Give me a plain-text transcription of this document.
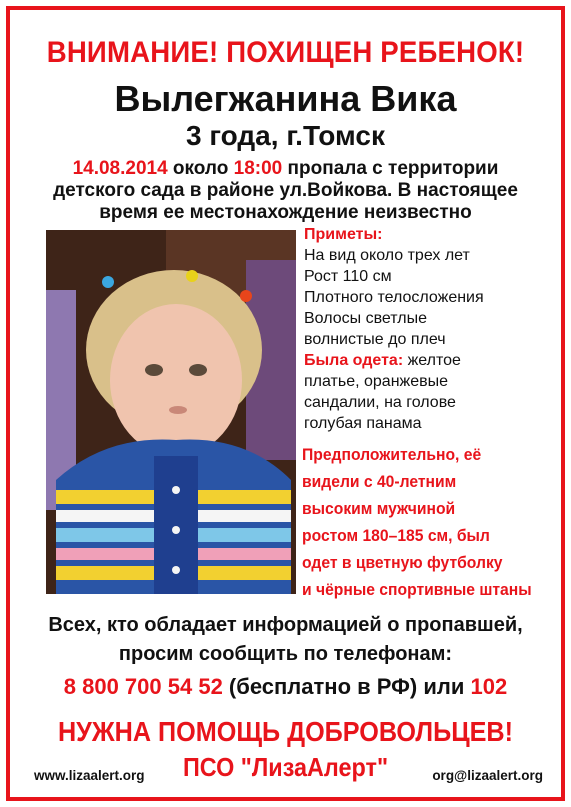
ВНИМАНИЕ! ПОХИЩЕН РЕБЕНОК!
Вылегжанина Вика
3 года, г.Томск
14.08.2014 около 18:00 пропала с территории
детского сада в районе ул.Войкова. В настоящее
время ее местонахождение неизвестно
Приметы:
На вид около трех лет
Рост 110 см
Плотного телосложения
Волосы светлые
волнистые до плеч
Была одета: желтое
платье, оранжевые
сандалии, на голове
голубая панама
Предположительно, её
видели с 40-летним
высоким мужчиной
ростом 180–185 см, был
одет в цветную футболку
и чёрные спортивные штаны
Всех, кто обладает информацией о пропавшей,
просим сообщить по телефонам:
8 800 700 54 52 (бесплатно в РФ) или 102
НУЖНА ПОМОЩЬ ДОБРОВОЛЬЦЕВ!
ПСО "ЛизаАлерт"
www.lizaalert.org	org@lizaalert.org
